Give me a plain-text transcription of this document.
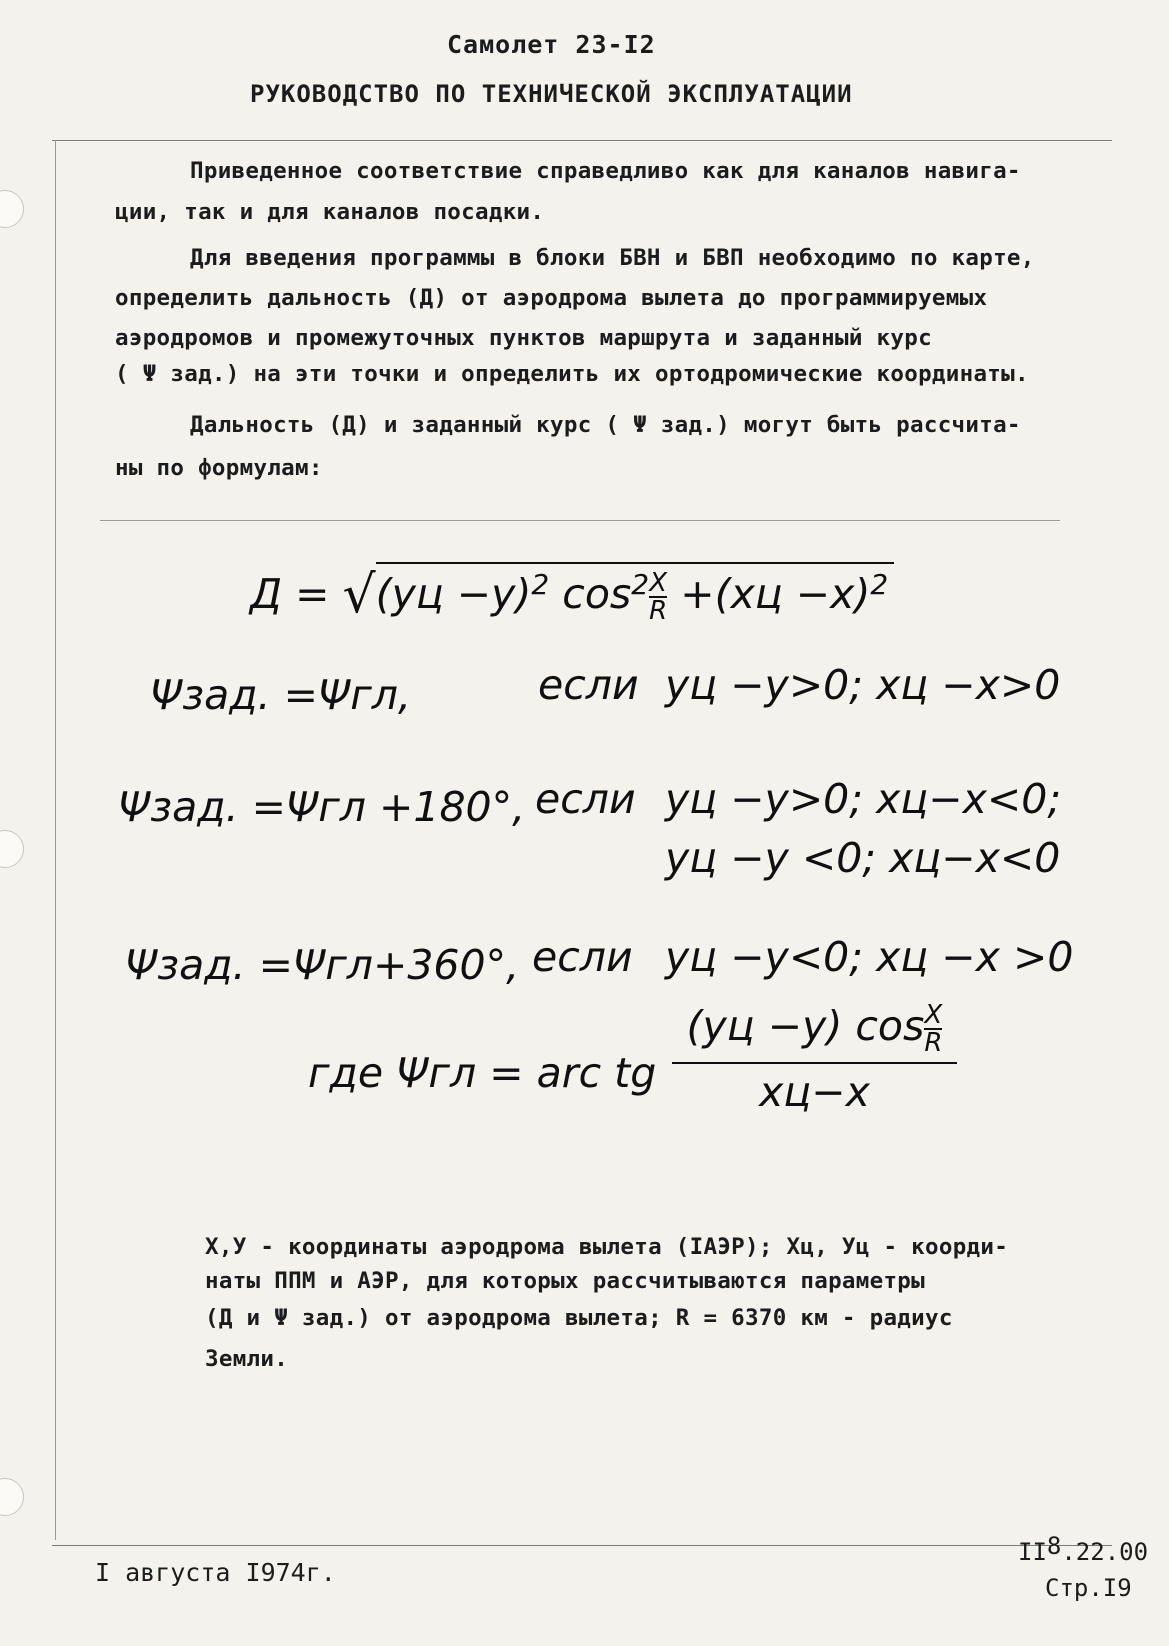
Самолет 23-I2
РУКОВОДСТВО ПО ТЕХНИЧЕСКОЙ ЭКСПЛУАТАЦИИ
Приведенное соответствие справедливо как для каналов навига-
ции, так и для каналов посадки.
Для введения программы в блоки БВН и БВП необходимо по карте,
определить дальность (Д) от аэродрома вылета до программируемых
аэродромов и промежуточных пунктов маршрута и заданный курс
( Ψ зад.) на эти точки и определить их ортодромические координаты.
Дальность (Д) и заданный курс ( Ψ зад.) могут быть рассчита-
ны по формулам:
Д = √(yц −y)$^2$ $\cos^2 \frac{X}{R} +(xц -x)^2$
Ψзад. =Ψгл,	если yц −y>0; xц −x>0
Ψзад. =Ψгл +180°, если yц −y>0; xц−x<0;
yц −y <0; xц−x<0
Ψзад. =Ψгл+360°, если yц −y<0; xц −x >0
где Ψгл = arc tg
(yц −y) $\cos \frac{X}{R}$
xц−x
X,У - координаты аэродрома вылета (IАЭР); Хц, Уц - коорди-
наты ППМ и АЭР, для которых рассчитываются параметры
(Д и Ψ зад.) от аэродрома вылета; R = 6370 км - радиус
Земли.
I августа I974г.
II8.22.00
Стр.I9
